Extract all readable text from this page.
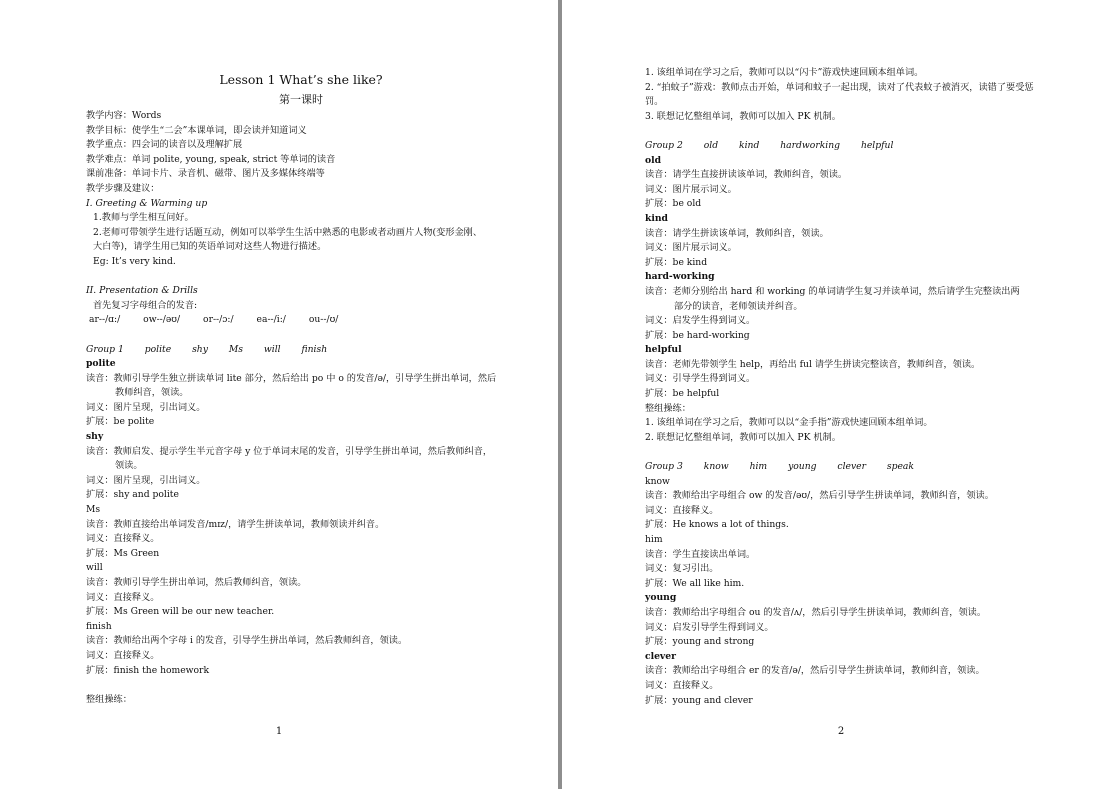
Lesson 1 What’s she like?
第一课时
教学内容：Words
教学目标：使学生“二会”本课单词，即会读并知道词义
教学重点：四会词的读音以及理解扩展
教学难点：单词 polite, young, speak, strict 等单词的读音
课前准备：单词卡片、录音机、磁带、图片及多媒体终端等
教学步骤及建议：
I. Greeting & Warming up
1.教师与学生相互问好。
2.老师可带领学生进行话题互动，例如可以举学生生活中熟悉的电影或者动画片人物(变形金刚、
大白等)，请学生用已知的英语单词对这些人物进行描述。
Eg: It’s very kind.
II. Presentation & Drills
首先复习字母组合的发音:
ar--/ɑ:/ ow--/əʊ/ or--/ɔ:/ ea--/i:/ ou--/ʊ/
Group 1 polite shy Ms will finish
polite
读音：教师引导学生独立拼读单词 lite 部分，然后给出 po 中 o 的发音/ə/，引导学生拼出单词，然后
教师纠音，领读。
词义：图片呈现，引出词义。
扩展：be polite
shy
读音：教师启发、提示学生半元音字母 y 位于单词末尾的发音，引导学生拼出单词，然后教师纠音，
领读。
词义：图片呈现，引出词义。
扩展：shy and polite
Ms
读音：教师直接给出单词发音/mɪz/，请学生拼读单词，教师领读并纠音。
词义：直接释义。
扩展：Ms Green
will
读音：教师引导学生拼出单词，然后教师纠音，领读。
词义：直接释义。
扩展：Ms Green will be our new teacher.
finish
读音：教师给出两个字母 i 的发音，引导学生拼出单词，然后教师纠音，领读。
词义：直接释义。
扩展：finish the homework
整组操练：
1
1. 该组单词在学习之后，教师可以以“闪卡”游戏快速回顾本组单词。
2. “拍蚊子”游戏：教师点击开始，单词和蚊子一起出现，读对了代表蚊子被消灭，读错了要受惩
罚。
3. 联想记忆整组单词，教师可以加入 PK 机制。
Group 2 old kind hardworking helpful
old
读音：请学生直接拼读该单词，教师纠音，领读。
词义：图片展示词义。
扩展：be old
kind
读音：请学生拼读该单词，教师纠音，领读。
词义：图片展示词义。
扩展：be kind
hard-working
读音：老师分别给出 hard 和 working 的单词请学生复习并读单词，然后请学生完整读出两
部分的读音，老师领读并纠音。
词义：启发学生得到词义。
扩展：be hard-working
helpful
读音：老师先带领学生 help，再给出 ful 请学生拼读完整读音，教师纠音，领读。
词义：引导学生得到词义。
扩展：be helpful
整组操练：
1. 该组单词在学习之后，教师可以以“金手指”游戏快速回顾本组单词。
2. 联想记忆整组单词，教师可以加入 PK 机制。
Group 3 know him young clever speak
know
读音：教师给出字母组合 ow 的发音/əʊ/，然后引导学生拼读单词，教师纠音，领读。
词义：直接释义。
扩展：He knows a lot of things.
him
读音：学生直接读出单词。
词义：复习引出。
扩展：We all like him.
young
读音：教师给出字母组合 ou 的发音/ʌ/，然后引导学生拼读单词，教师纠音，领读。
词义：启发引导学生得到词义。
扩展：young and strong
clever
读音：教师给出字母组合 er 的发音/ə/，然后引导学生拼读单词，教师纠音，领读。
词义：直接释义。
扩展：young and clever
2
